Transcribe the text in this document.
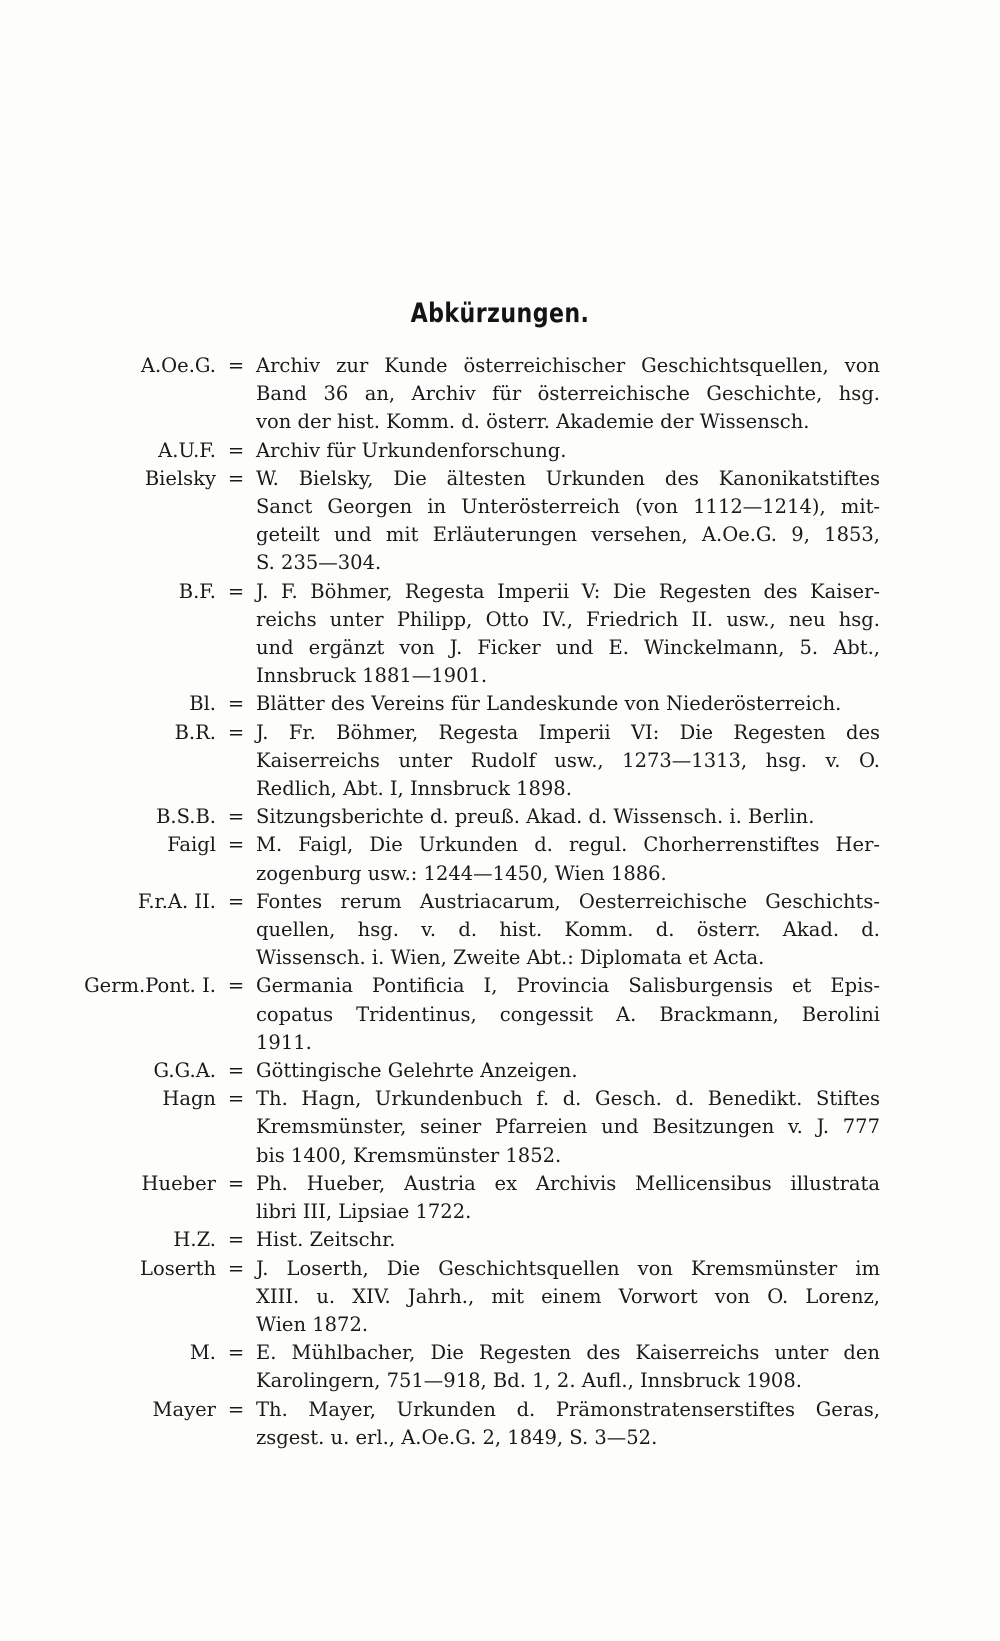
Abkürzungen.
A.Oe.G. = Archiv zur Kunde österreichischer Geschichtsquellen, von
Band 36 an, Archiv für österreichische Geschichte, hsg.
von der hist. Komm. d. österr. Akademie der Wissensch.
A.U.F. = Archiv für Urkundenforschung.
Bielsky = W. Bielsky, Die ältesten Urkunden des Kanonikatstiftes
Sanct Georgen in Unterösterreich (von 1112—1214), mit-
geteilt und mit Erläuterungen versehen, A.Oe.G. 9, 1853,
S. 235—304.
B.F. = J. F. Böhmer, Regesta Imperii V: Die Regesten des Kaiser-
reichs unter Philipp, Otto IV., Friedrich II. usw., neu hsg.
und ergänzt von J. Ficker und E. Winckelmann, 5. Abt.,
Innsbruck 1881—1901.
Bl. = Blätter des Vereins für Landeskunde von Niederösterreich.
B.R. = J. Fr. Böhmer, Regesta Imperii VI: Die Regesten des
Kaiserreichs unter Rudolf usw., 1273—1313, hsg. v. O.
Redlich, Abt. I, Innsbruck 1898.
B.S.B. = Sitzungsberichte d. preuß. Akad. d. Wissensch. i. Berlin.
Faigl = M. Faigl, Die Urkunden d. regul. Chorherrenstiftes Her-
zogenburg usw.: 1244—1450, Wien 1886.
F.r.A. II. = Fontes rerum Austriacarum, Oesterreichische Geschichts-
quellen, hsg. v. d. hist. Komm. d. österr. Akad. d.
Wissensch. i. Wien, Zweite Abt.: Diplomata et Acta.
Germ.Pont. I. = Germania Pontificia I, Provincia Salisburgensis et Epis-
copatus Tridentinus, congessit A. Brackmann, Berolini
1911.
G.G.A. = Göttingische Gelehrte Anzeigen.
Hagn = Th. Hagn, Urkundenbuch f. d. Gesch. d. Benedikt. Stiftes
Kremsmünster, seiner Pfarreien und Besitzungen v. J. 777
bis 1400, Kremsmünster 1852.
Hueber = Ph. Hueber, Austria ex Archivis Mellicensibus illustrata
libri III, Lipsiae 1722.
H.Z. = Hist. Zeitschr.
Loserth = J. Loserth, Die Geschichtsquellen von Kremsmünster im
XIII. u. XIV. Jahrh., mit einem Vorwort von O. Lorenz,
Wien 1872.
M. = E. Mühlbacher, Die Regesten des Kaiserreichs unter den
Karolingern, 751—918, Bd. 1, 2. Aufl., Innsbruck 1908.
Mayer = Th. Mayer, Urkunden d. Prämonstratenserstiftes Geras,
zsgest. u. erl., A.Oe.G. 2, 1849, S. 3—52.
